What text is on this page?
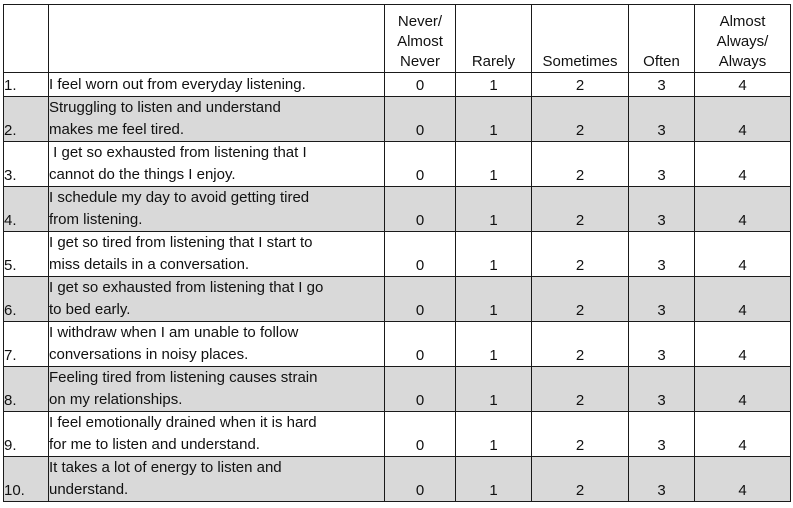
		Never/
Almost
Never	Rarely	Sometimes	Often	Almost
Always/
Always

1.	I feel worn out from everyday listening.	0	1	2	3	4
2.	Struggling to listen and understand
makes me feel tired.	0	1	2	3	4
3.	I get so exhausted from listening that I
cannot do the things I enjoy.	0	1	2	3	4
4.	I schedule my day to avoid getting tired
from listening.	0	1	2	3	4
5.	I get so tired from listening that I start to
miss details in a conversation.	0	1	2	3	4
6.	I get so exhausted from listening that I go
to bed early.	0	1	2	3	4
7.	I withdraw when I am unable to follow
conversations in noisy places.	0	1	2	3	4
8.	Feeling tired from listening causes strain
on my relationships.	0	1	2	3	4
9.	I feel emotionally drained when it is hard
for me to listen and understand.	0	1	2	3	4
10.	It takes a lot of energy to listen and
understand.	0	1	2	3	4
